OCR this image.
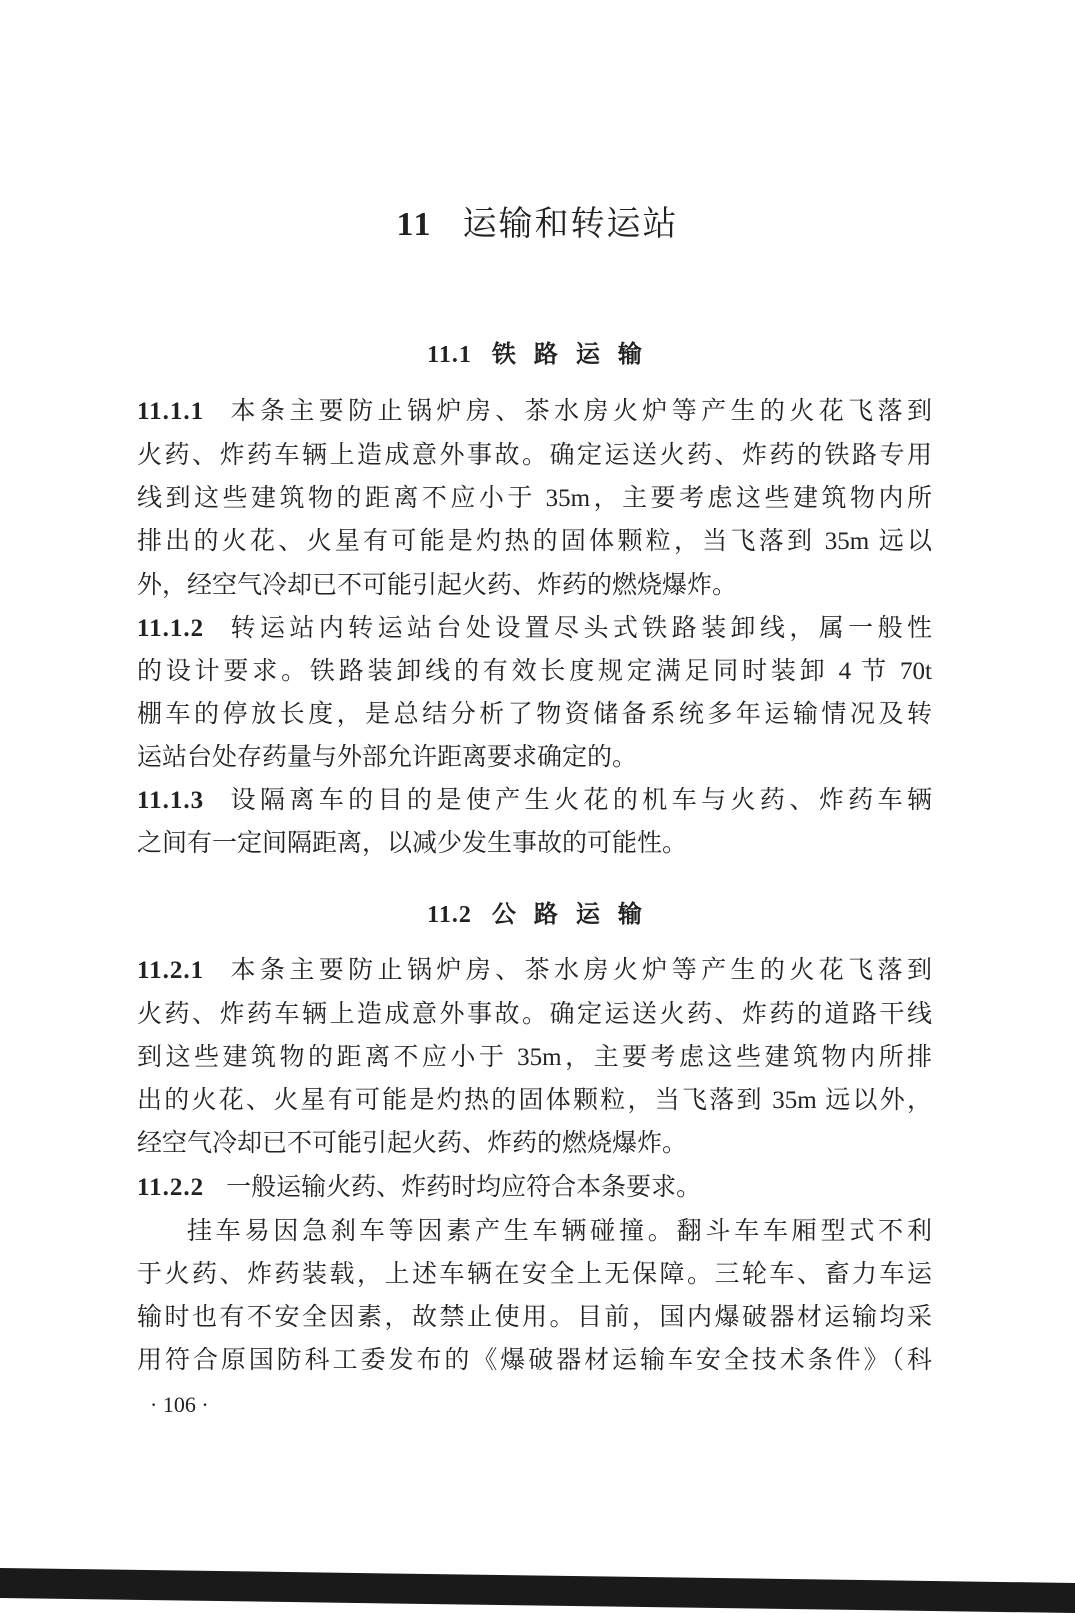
11 运输和转运站
11.1 铁 路 运 输
11.2 公 路 运 输
11.1.1 本条主要防止锅炉房、茶水房火炉等产生的火花飞落到
火药、炸药车辆上造成意外事故。确定运送火药、炸药的铁路专用
线到这些建筑物的距离不应小于 35m，主要考虑这些建筑物内所
排出的火花、火星有可能是灼热的固体颗粒，当飞落到 35m 远以
外，经空气冷却已不可能引起火药、炸药的燃烧爆炸。
11.1.2 转运站内转运站台处设置尽头式铁路装卸线，属一般性
的设计要求。铁路装卸线的有效长度规定满足同时装卸 4 节 70t
棚车的停放长度，是总结分析了物资储备系统多年运输情况及转
运站台处存药量与外部允许距离要求确定的。
11.1.3 设隔离车的目的是使产生火花的机车与火药、炸药车辆
之间有一定间隔距离，以减少发生事故的可能性。
11.2.1 本条主要防止锅炉房、茶水房火炉等产生的火花飞落到
火药、炸药车辆上造成意外事故。确定运送火药、炸药的道路干线
到这些建筑物的距离不应小于 35m，主要考虑这些建筑物内所排
出的火花、火星有可能是灼热的固体颗粒，当飞落到 35m 远以外，
经空气冷却已不可能引起火药、炸药的燃烧爆炸。
11.2.2 一般运输火药、炸药时均应符合本条要求。
挂车易因急刹车等因素产生车辆碰撞。翻斗车车厢型式不利
于火药、炸药装载，上述车辆在安全上无保障。三轮车、畜力车运
输时也有不安全因素，故禁止使用。目前，国内爆破器材运输均采
用符合原国防科工委发布的《爆破器材运输车安全技术条件》（科
· 106 ·
